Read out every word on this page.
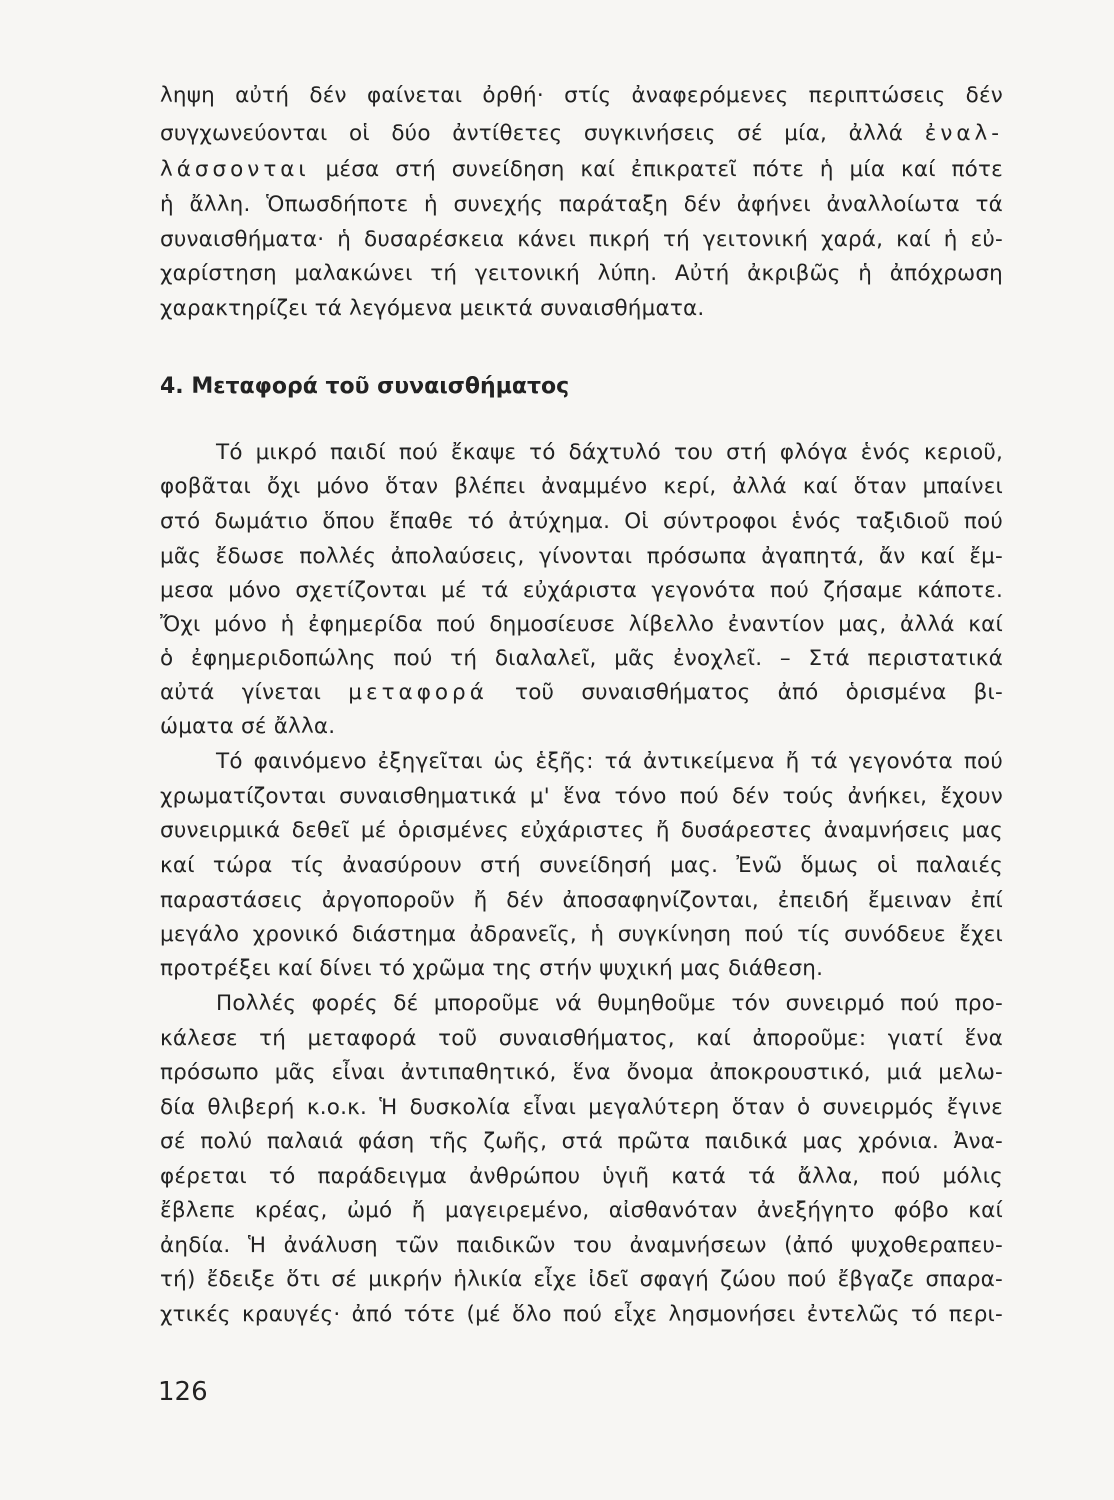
ληψη αὐτή δέν φαίνεται ὀρθή· στίς ἀναφερόμενες περιπτώσεις δέν
συγχωνεύονται οἱ δύο ἀντίθετες συγκινήσεις σέ μία, ἀλλά ἐναλ-
λάσσονται μέσα στή συνείδηση καί ἐπικρατεῖ πότε ἡ μία καί πότε
ἡ ἄλλη. Ὁπωσδήποτε ἡ συνεχής παράταξη δέν ἀφήνει ἀναλλοίωτα τά
συναισθήματα· ἡ δυσαρέσκεια κάνει πικρή τή γειτονική χαρά, καί ἡ εὐ-
χαρίστηση μαλακώνει τή γειτονική λύπη. Αὐτή ἀκριβῶς ἡ ἀπόχρωση
χαρακτηρίζει τά λεγόμενα μεικτά συναισθήματα.
4. Μεταφορά τοῦ συναισθήματος
Τό μικρό παιδί πού ἔκαψε τό δάχτυλό του στή φλόγα ἑνός κεριοῦ,
φοβᾶται ὄχι μόνο ὅταν βλέπει ἀναμμένο κερί, ἀλλά καί ὅταν μπαίνει
στό δωμάτιο ὅπου ἔπαθε τό ἀτύχημα. Οἱ σύντροφοι ἑνός ταξιδιοῦ πού
μᾶς ἔδωσε πολλές ἀπολαύσεις, γίνονται πρόσωπα ἀγαπητά, ἄν καί ἔμ-
μεσα μόνο σχετίζονται μέ τά εὐχάριστα γεγονότα πού ζήσαμε κάποτε.
Ὄχι μόνο ἡ ἐφημερίδα πού δημοσίευσε λίβελλο ἐναντίον μας, ἀλλά καί
ὁ ἐφημεριδοπώλης πού τή διαλαλεῖ, μᾶς ἐνοχλεῖ. – Στά περιστατικά
αὐτά γίνεται μεταφορά τοῦ συναισθήματος ἀπό ὁρισμένα βι-
ώματα σέ ἄλλα.
Τό φαινόμενο ἐξηγεῖται ὡς ἑξῆς: τά ἀντικείμενα ἤ τά γεγονότα πού
χρωματίζονται συναισθηματικά μ' ἕνα τόνο πού δέν τούς ἀνήκει, ἔχουν
συνειρμικά δεθεῖ μέ ὁρισμένες εὐχάριστες ἤ δυσάρεστες ἀναμνήσεις μας
καί τώρα τίς ἀνασύρουν στή συνείδησή μας. Ἐνῶ ὅμως οἱ παλαιές
παραστάσεις ἀργοποροῦν ἤ δέν ἀποσαφηνίζονται, ἐπειδή ἔμειναν ἐπί
μεγάλο χρονικό διάστημα ἀδρανεῖς, ἡ συγκίνηση πού τίς συνόδευε ἔχει
προτρέξει καί δίνει τό χρῶμα της στήν ψυχική μας διάθεση.
Πολλές φορές δέ μποροῦμε νά θυμηθοῦμε τόν συνειρμό πού προ-
κάλεσε τή μεταφορά τοῦ συναισθήματος, καί ἀποροῦμε: γιατί ἕνα
πρόσωπο μᾶς εἶναι ἀντιπαθητικό, ἕνα ὄνομα ἀποκρουστικό, μιά μελω-
δία θλιβερή κ.ο.κ. Ἡ δυσκολία εἶναι μεγαλύτερη ὅταν ὁ συνειρμός ἔγινε
σέ πολύ παλαιά φάση τῆς ζωῆς, στά πρῶτα παιδικά μας χρόνια. Ἀνα-
φέρεται τό παράδειγμα ἀνθρώπου ὑγιῆ κατά τά ἄλλα, πού μόλις
ἔβλεπε κρέας, ὠμό ἤ μαγειρεμένο, αἰσθανόταν ἀνεξήγητο φόβο καί
ἀηδία. Ἡ ἀνάλυση τῶν παιδικῶν του ἀναμνήσεων (ἀπό ψυχοθεραπευ-
τή) ἔδειξε ὅτι σέ μικρήν ἡλικία εἶχε ἰδεῖ σφαγή ζώου πού ἔβγαζε σπαρα-
χτικές κραυγές· ἀπό τότε (μέ ὅλο πού εἶχε λησμονήσει ἐντελῶς τό περι-
126
